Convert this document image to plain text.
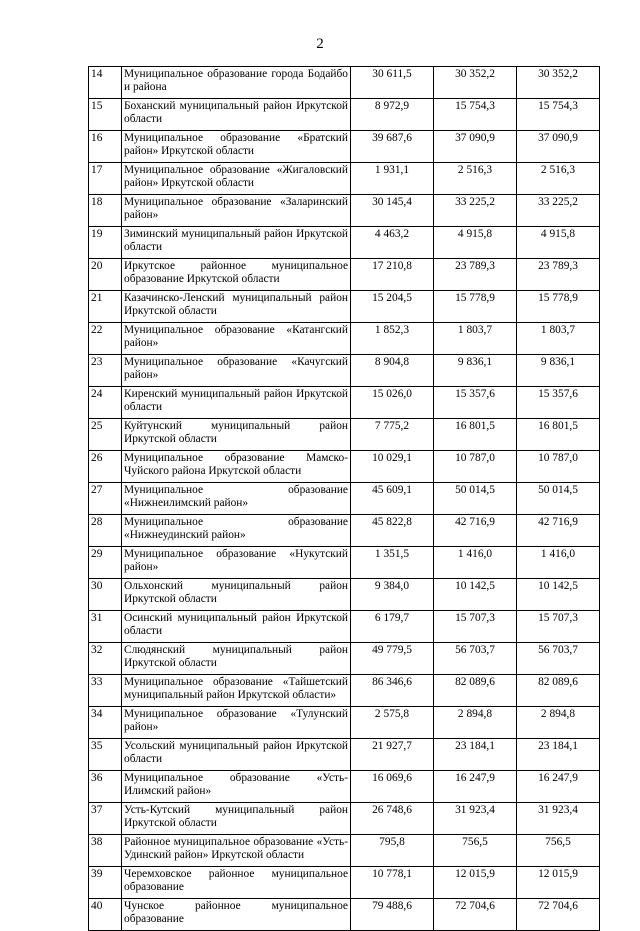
2
14	Муниципальное образование города Бодайбо и района	30 611,5	30 352,2	30 352,2
15	Боханский муниципальный район Иркутской области	8 972,9	15 754,3	15 754,3
16	Муниципальное образование «Братский район» Иркутской области	39 687,6	37 090,9	37 090,9
17	Муниципальное образование «Жигаловский район» Иркутской области	1 931,1	2 516,3	2 516,3
18	Муниципальное образование «Заларинский район»	30 145,4	33 225,2	33 225,2
19	Зиминский муниципальный район Иркутской области	4 463,2	4 915,8	4 915,8
20	Иркутское районное муниципальное образование Иркутской области	17 210,8	23 789,3	23 789,3
21	Казачинско-Ленский муниципальный район Иркутской области	15 204,5	15 778,9	15 778,9
22	Муниципальное образование «Катангский район»	1 852,3	1 803,7	1 803,7
23	Муниципальное образование «Качугский район»	8 904,8	9 836,1	9 836,1
24	Киренский муниципальный район Иркутской области	15 026,0	15 357,6	15 357,6
25	Куйтунский муниципальный район Иркутской области	7 775,2	16 801,5	16 801,5
26	Муниципальное образование Мамско-Чуйского района Иркутской области	10 029,1	10 787,0	10 787,0
27	Муниципальное образование «Нижнеилимский район»	45 609,1	50 014,5	50 014,5
28	Муниципальное образование «Нижнеудинский район»	45 822,8	42 716,9	42 716,9
29	Муниципальное образование «Нукутский район»	1 351,5	1 416,0	1 416,0
30	Ольхонский муниципальный район Иркутской области	9 384,0	10 142,5	10 142,5
31	Осинский муниципальный район Иркутской области	6 179,7	15 707,3	15 707,3
32	Слюдянский муниципальный район Иркутской области	49 779,5	56 703,7	56 703,7
33	Муниципальное образование «Тайшетский муниципальный район Иркутской области»	86 346,6	82 089,6	82 089,6
34	Муниципальное образование «Тулунский район»	2 575,8	2 894,8	2 894,8
35	Усольский муниципальный район Иркутской области	21 927,7	23 184,1	23 184,1
36	Муниципальное образование «Усть-Илимский район»	16 069,6	16 247,9	16 247,9
37	Усть-Кутский муниципальный район Иркутской области	26 748,6	31 923,4	31 923,4
38	Районное муниципальное образование «Усть-Удинский район» Иркутской области	795,8	756,5	756,5
39	Черемховское районное муниципальное образование	10 778,1	12 015,9	12 015,9
40	Чунское районное муниципальное образование	79 488,6	72 704,6	72 704,6
